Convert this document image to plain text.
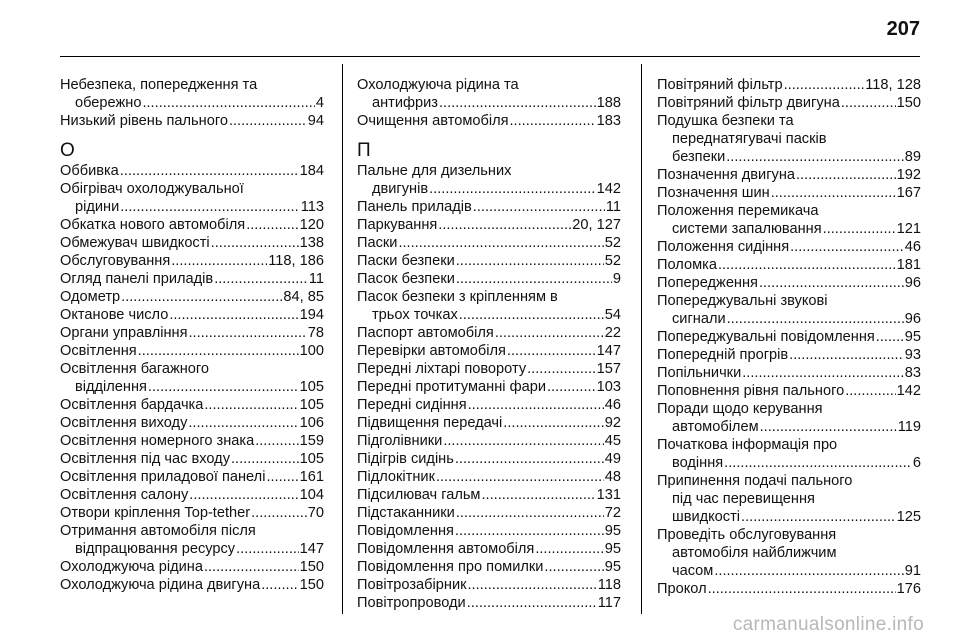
207
Небезпека, попередження та
обережно .....	4
Низький рівень пального .....	94
О
Оббивка .....	184
Обігрівач охолоджувальної
рідини .....	113
Обкатка нового автомобіля .....	120
Обмежувач швидкості .....	138
Обслуговування .....	118, 186
Огляд панелі приладів .....	11
Одометр .....	84, 85
Октанове число .....	194
Органи управління .....	78
Освітлення .....	100
Освітлення багажного
відділення .....	105
Освітлення бардачка .....	105
Освітлення виходу .....	106
Освітлення номерного знака .....	159
Освітлення під час входу .....	105
Освітлення приладової панелі ..... 161
Освітлення салону .....	104
Отвори кріплення Top-tether .....	70
Отримання автомобіля після
відпрацювання ресурсу .....	147
Охолоджуюча рідина .....	150
Охолоджуюча рідина двигуна .....	150
Охолоджуюча рідина та
антифриз .....	188
Очищення автомобіля .....	183
П
Пальне для дизельних
двигунів .....	142
Панель приладів .....	11
Паркування .....	20, 127
Паски .....	52
Паски безпеки .....	52
Пасок безпеки .....	9
Пасок безпеки з кріпленням в
трьох точках .....	54
Паспорт автомобіля .....	22
Перевірки автомобіля .....	147
Передні ліхтарі повороту .....	157
Передні протитуманні фари .....	103
Передні сидіння .....	46
Підвищення передачі .....	92
Підголівники .....	45
Підігрів сидінь .....	49
Підлокітник .....	48
Підсилювач гальм .....	131
Підстаканники .....	72
Повідомлення .....	95
Повідомлення автомобіля .....	95
Повідомлення про помилки .....	95
Повітрозабірник .....	118
Повітропроводи .....	117
Повітряний фільтр .....	118, 128
Повітряний фільтр двигуна .....	150
Подушка безпеки та
переднатягувачі пасків
безпеки .....	89
Позначення двигуна .....	192
Позначення шин .....	167
Положення перемикача
системи запалювання .....	121
Положення сидіння .....	46
Поломка .....	181
Попередження .....	96
Попереджувальні звукові
сигнали .....	96
Попереджувальні повідомлення ..... 95
Попередній прогрів .....	93
Попільнички .....	83
Поповнення рівня пального .....	142
Поради щодо керування
автомобілем .....	119
Початкова інформація про
водіння .....	6
Припинення подачі пального
під час перевищення
швидкості .....	125
Проведіть обслуговування
автомобіля найближчим
часом .....	91
Прокол .....	176
carmanualsonline.info
